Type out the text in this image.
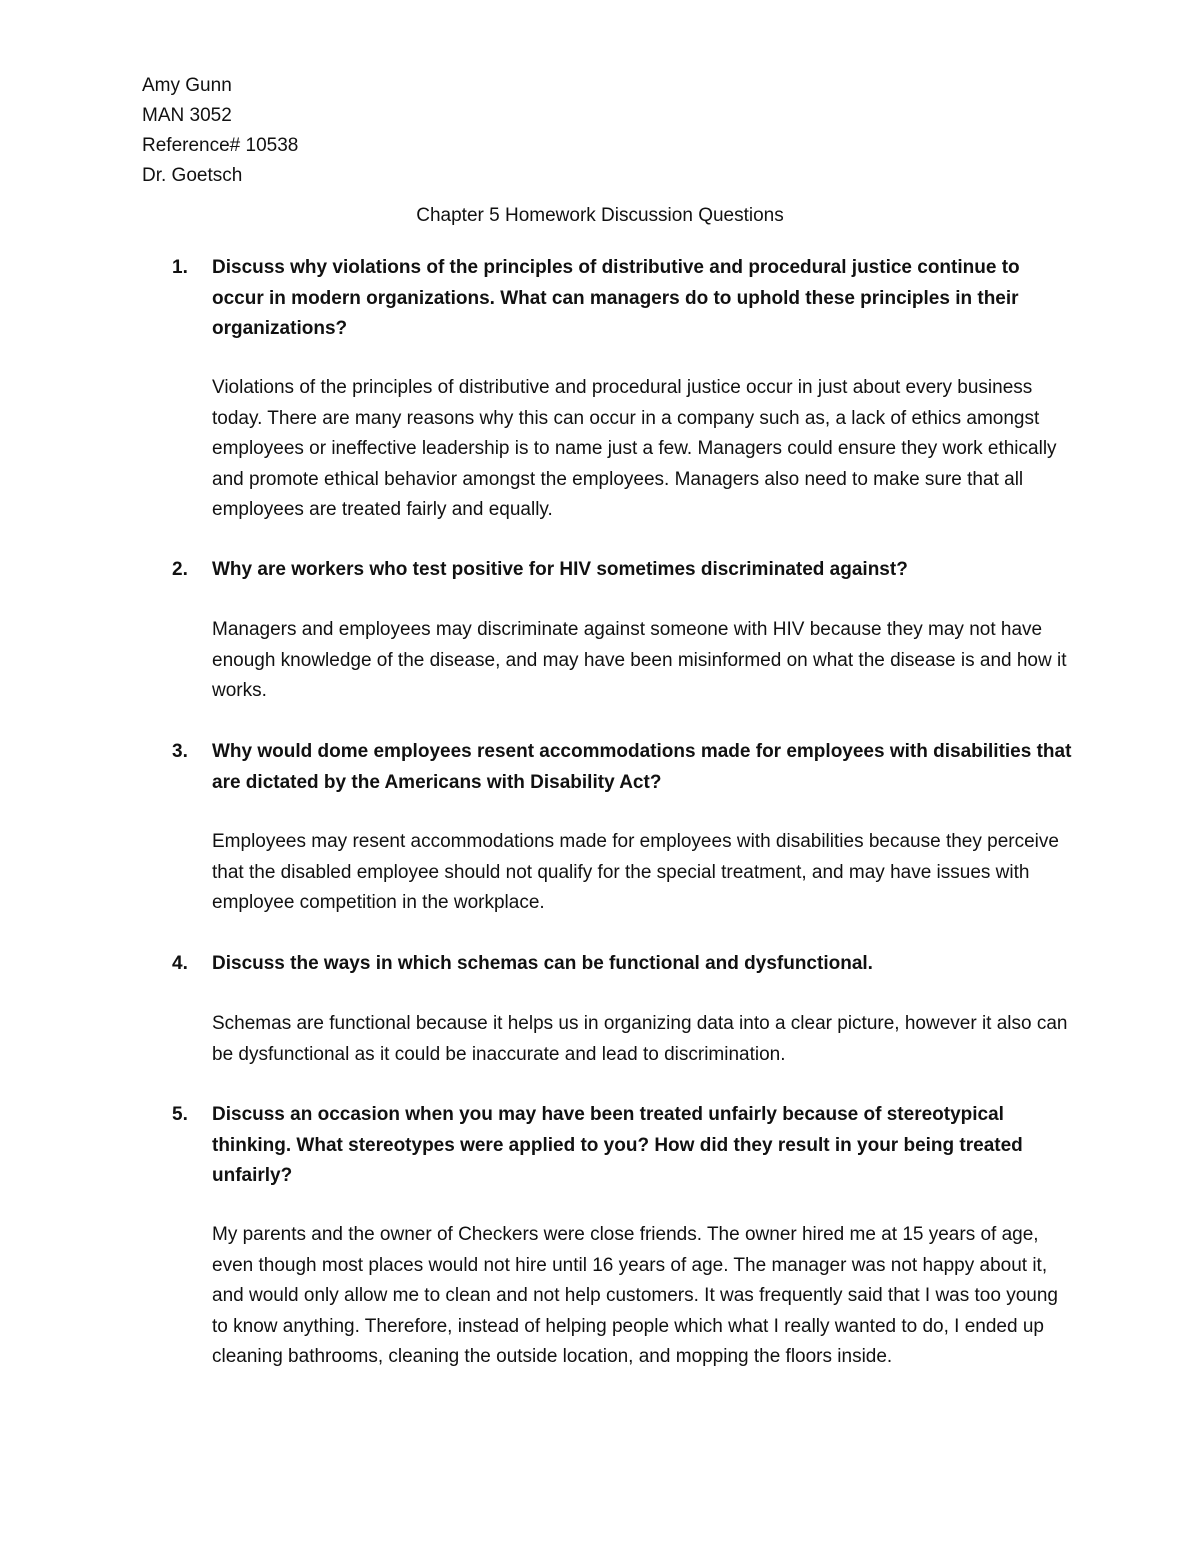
Amy Gunn
MAN 3052
Reference# 10538
Dr. Goetsch
Chapter 5 Homework Discussion Questions
1. Discuss why violations of the principles of distributive and procedural justice continue to occur in modern organizations. What can managers do to uphold these principles in their organizations?
Violations of the principles of distributive and procedural justice occur in just about every business today. There are many reasons why this can occur in a company such as, a lack of ethics amongst employees or ineffective leadership is to name just a few. Managers could ensure they work ethically and promote ethical behavior amongst the employees. Managers also need to make sure that all employees are treated fairly and equally.
2. Why are workers who test positive for HIV sometimes discriminated against?
Managers and employees may discriminate against someone with HIV because they may not have enough knowledge of the disease, and may have been misinformed on what the disease is and how it works.
3. Why would dome employees resent accommodations made for employees with disabilities that are dictated by the Americans with Disability Act?
Employees may resent accommodations made for employees with disabilities because they perceive that the disabled employee should not qualify for the special treatment, and may have issues with employee competition in the workplace.
4. Discuss the ways in which schemas can be functional and dysfunctional.
Schemas are functional because it helps us in organizing data into a clear picture, however it also can be dysfunctional as it could be inaccurate and lead to discrimination.
5. Discuss an occasion when you may have been treated unfairly because of stereotypical thinking. What stereotypes were applied to you? How did they result in your being treated unfairly?
My parents and the owner of Checkers were close friends. The owner hired me at 15 years of age, even though most places would not hire until 16 years of age. The manager was not happy about it, and would only allow me to clean and not help customers. It was frequently said that I was too young to know anything. Therefore, instead of helping people which what I really wanted to do, I ended up cleaning bathrooms, cleaning the outside location, and mopping the floors inside.
